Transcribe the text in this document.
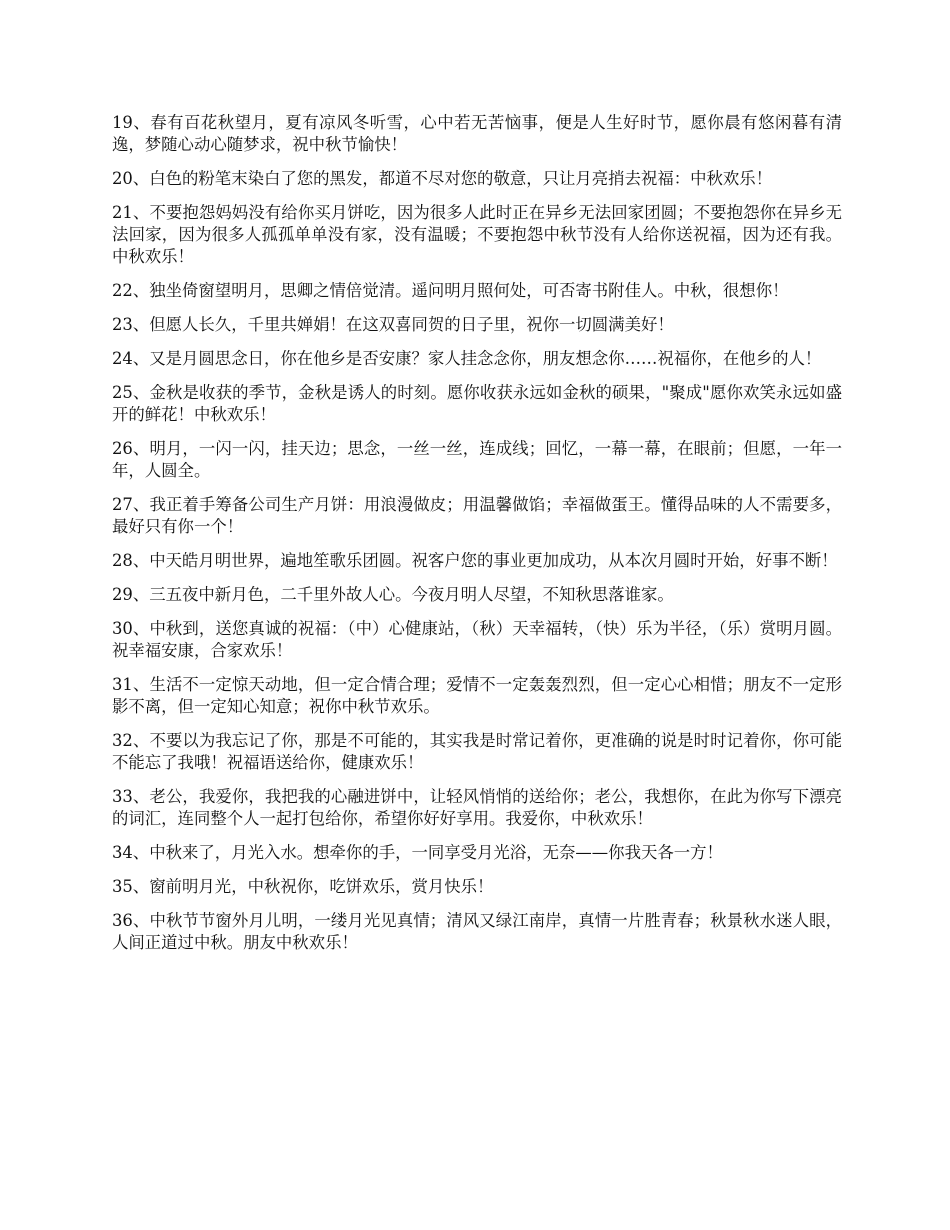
19、春有百花秋望月，夏有凉风冬听雪，心中若无苦恼事，便是人生好时节，愿你晨有悠闲暮有清逸，梦随心动心随梦求，祝中秋节愉快！

20、白色的粉笔末染白了您的黑发，都道不尽对您的敬意，只让月亮捎去祝福：中秋欢乐！

21、不要抱怨妈妈没有给你买月饼吃，因为很多人此时正在异乡无法回家团圆；不要抱怨你在异乡无法回家，因为很多人孤孤单单没有家，没有温暖；不要抱怨中秋节没有人给你送祝福，因为还有我。中秋欢乐！

22、独坐倚窗望明月，思卿之情倍觉清。遥问明月照何处，可否寄书附佳人。中秋，很想你！

23、但愿人长久，千里共婵娟！在这双喜同贺的日子里，祝你一切圆满美好！

24、又是月圆思念日，你在他乡是否安康？家人挂念念你，朋友想念你……祝福你，在他乡的人！

25、金秋是收获的季节，金秋是诱人的时刻。愿你收获永远如金秋的硕果，"聚成"愿你欢笑永远如盛开的鲜花！中秋欢乐！

26、明月，一闪一闪，挂天边；思念，一丝一丝，连成线；回忆，一幕一幕，在眼前；但愿，一年一年，人圆全。

27、我正着手筹备公司生产月饼：用浪漫做皮；用温馨做馅；幸福做蛋王。懂得品味的人不需要多，最好只有你一个！

28、中天皓月明世界，遍地笙歌乐团圆。祝客户您的事业更加成功，从本次月圆时开始，好事不断！

29、三五夜中新月色，二千里外故人心。今夜月明人尽望，不知秋思落谁家。

30、中秋到，送您真诚的祝福：（中）心健康站，（秋）天幸福转，（快）乐为半径，（乐）赏明月圆。祝幸福安康，合家欢乐！

31、生活不一定惊天动地，但一定合情合理；爱情不一定轰轰烈烈，但一定心心相惜；朋友不一定形影不离，但一定知心知意；祝你中秋节欢乐。

32、不要以为我忘记了你，那是不可能的，其实我是时常记着你，更准确的说是时时记着你，你可能不能忘了我哦！祝福语送给你，健康欢乐！

33、老公，我爱你，我把我的心融进饼中，让轻风悄悄的送给你；老公，我想你，在此为你写下漂亮的词汇，连同整个人一起打包给你，希望你好好享用。我爱你，中秋欢乐！

34、中秋来了，月光入水。想牵你的手，一同享受月光浴，无奈——你我天各一方！

35、窗前明月光，中秋祝你，吃饼欢乐，赏月快乐！

36、中秋节节窗外月儿明，一缕月光见真情；清风又绿江南岸，真情一片胜青春；秋景秋水迷人眼，人间正道过中秋。朋友中秋欢乐！
